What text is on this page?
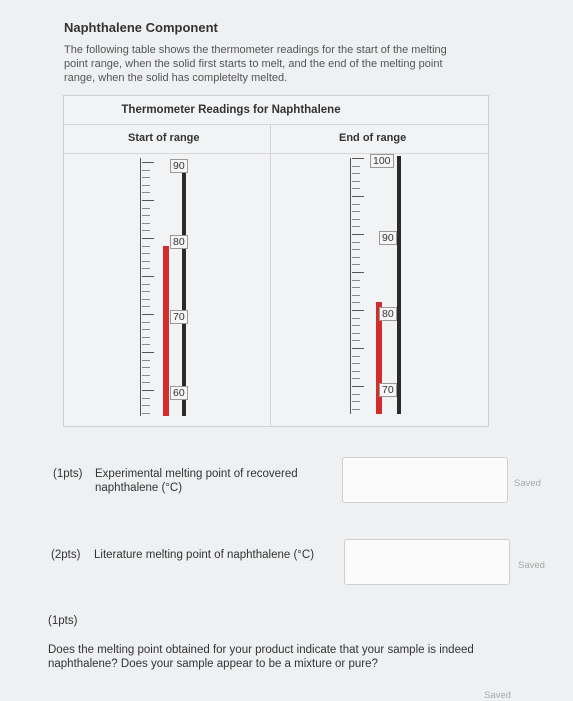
Naphthalene Component
The following table shows the thermometer readings for the start of the melting point range, when the solid first starts to melt, and the end of the melting point range, when the solid has completelty melted.
Thermometer Readings for Naphthalene
Start of range	End of range
90
80
70
60
100
90
80
70
(1pts) Experimental melting point of recovered naphthalene (°C)	Saved
(2pts) Literature melting point of naphthalene (°C)
Saved
(1pts)
Does the melting point obtained for your product indicate that your sample is indeed naphthalene? Does your sample appear to be a mixture or pure?
Saved
